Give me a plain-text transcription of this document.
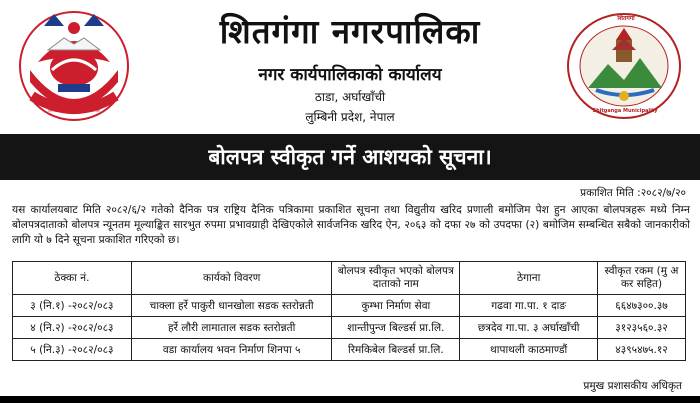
जननी जन्मभूमिश्च स्वर्गादपि गरीयसी
शितगंगा नगरपालिका
नगर कार्यपालिकाको कार्यालय
ठाडा, अर्घाखाँची
लुम्बिनी प्रदेश, नेपाल
शितगंगा
Shitganga Municipality
बोलपत्र स्वीकृत गर्ने आशयको सूचना।
प्रकाशित मिति :२०८२/७/२०
यस कार्यालयबाट मिति २०८२/६/२ गतेको दैनिक पत्र राष्ट्रिय दैनिक पत्रिकामा प्रकाशित सूचना तथा विद्युतीय खरिद प्रणाली बमोजिम पेश हुन आएका बोलपत्रहरू मध्ये निम्न बोलपत्रदाताको बोलपत्र न्यूनतम मूल्याङ्कित सारभुत रुपमा प्रभावग्राही देखिएकोले सार्वजनिक खरिद ऐन, २०६३ को दफा २७ को उपदफा (२) बमोजिम सम्बन्धित सबैको जानकारीको लागि यो ७ दिने सूचना प्रकाशित गरिएको छ।
ठेक्का नं.	कार्यको विवरण	बोलपत्र स्वीकृत भएको बोलपत्र दाताको नाम	ठेगाना	स्वीकृत रकम (मु अ कर सहित)
३ (नि.१) -२०८२/०८३	चाक्ला हर्रे पाकुरी धानखोला सडक स्तरोन्नती	कुम्भा निर्माण सेवा	गढवा गा.पा. १ दाङ	६६४७३००.३७
४ (नि.२) -२०८२/०८३	हर्रे लौरी लामाताल सडक स्तरोन्नती	शान्तीपुन्ज बिल्डर्स प्रा.लि.	छत्रदेव गा.पा. ३ अर्घाखाँची	३१२३५६०.३२
५ (नि.३) -२०८२/०८३	वडा कार्यालय भवन निर्माण शिनपा ५	रिमकिबेल बिल्डर्स प्रा.लि.	थापाथली काठमाण्डौं	४३९५४७५.१२
प्रमुख प्रशासकीय अधिकृत
